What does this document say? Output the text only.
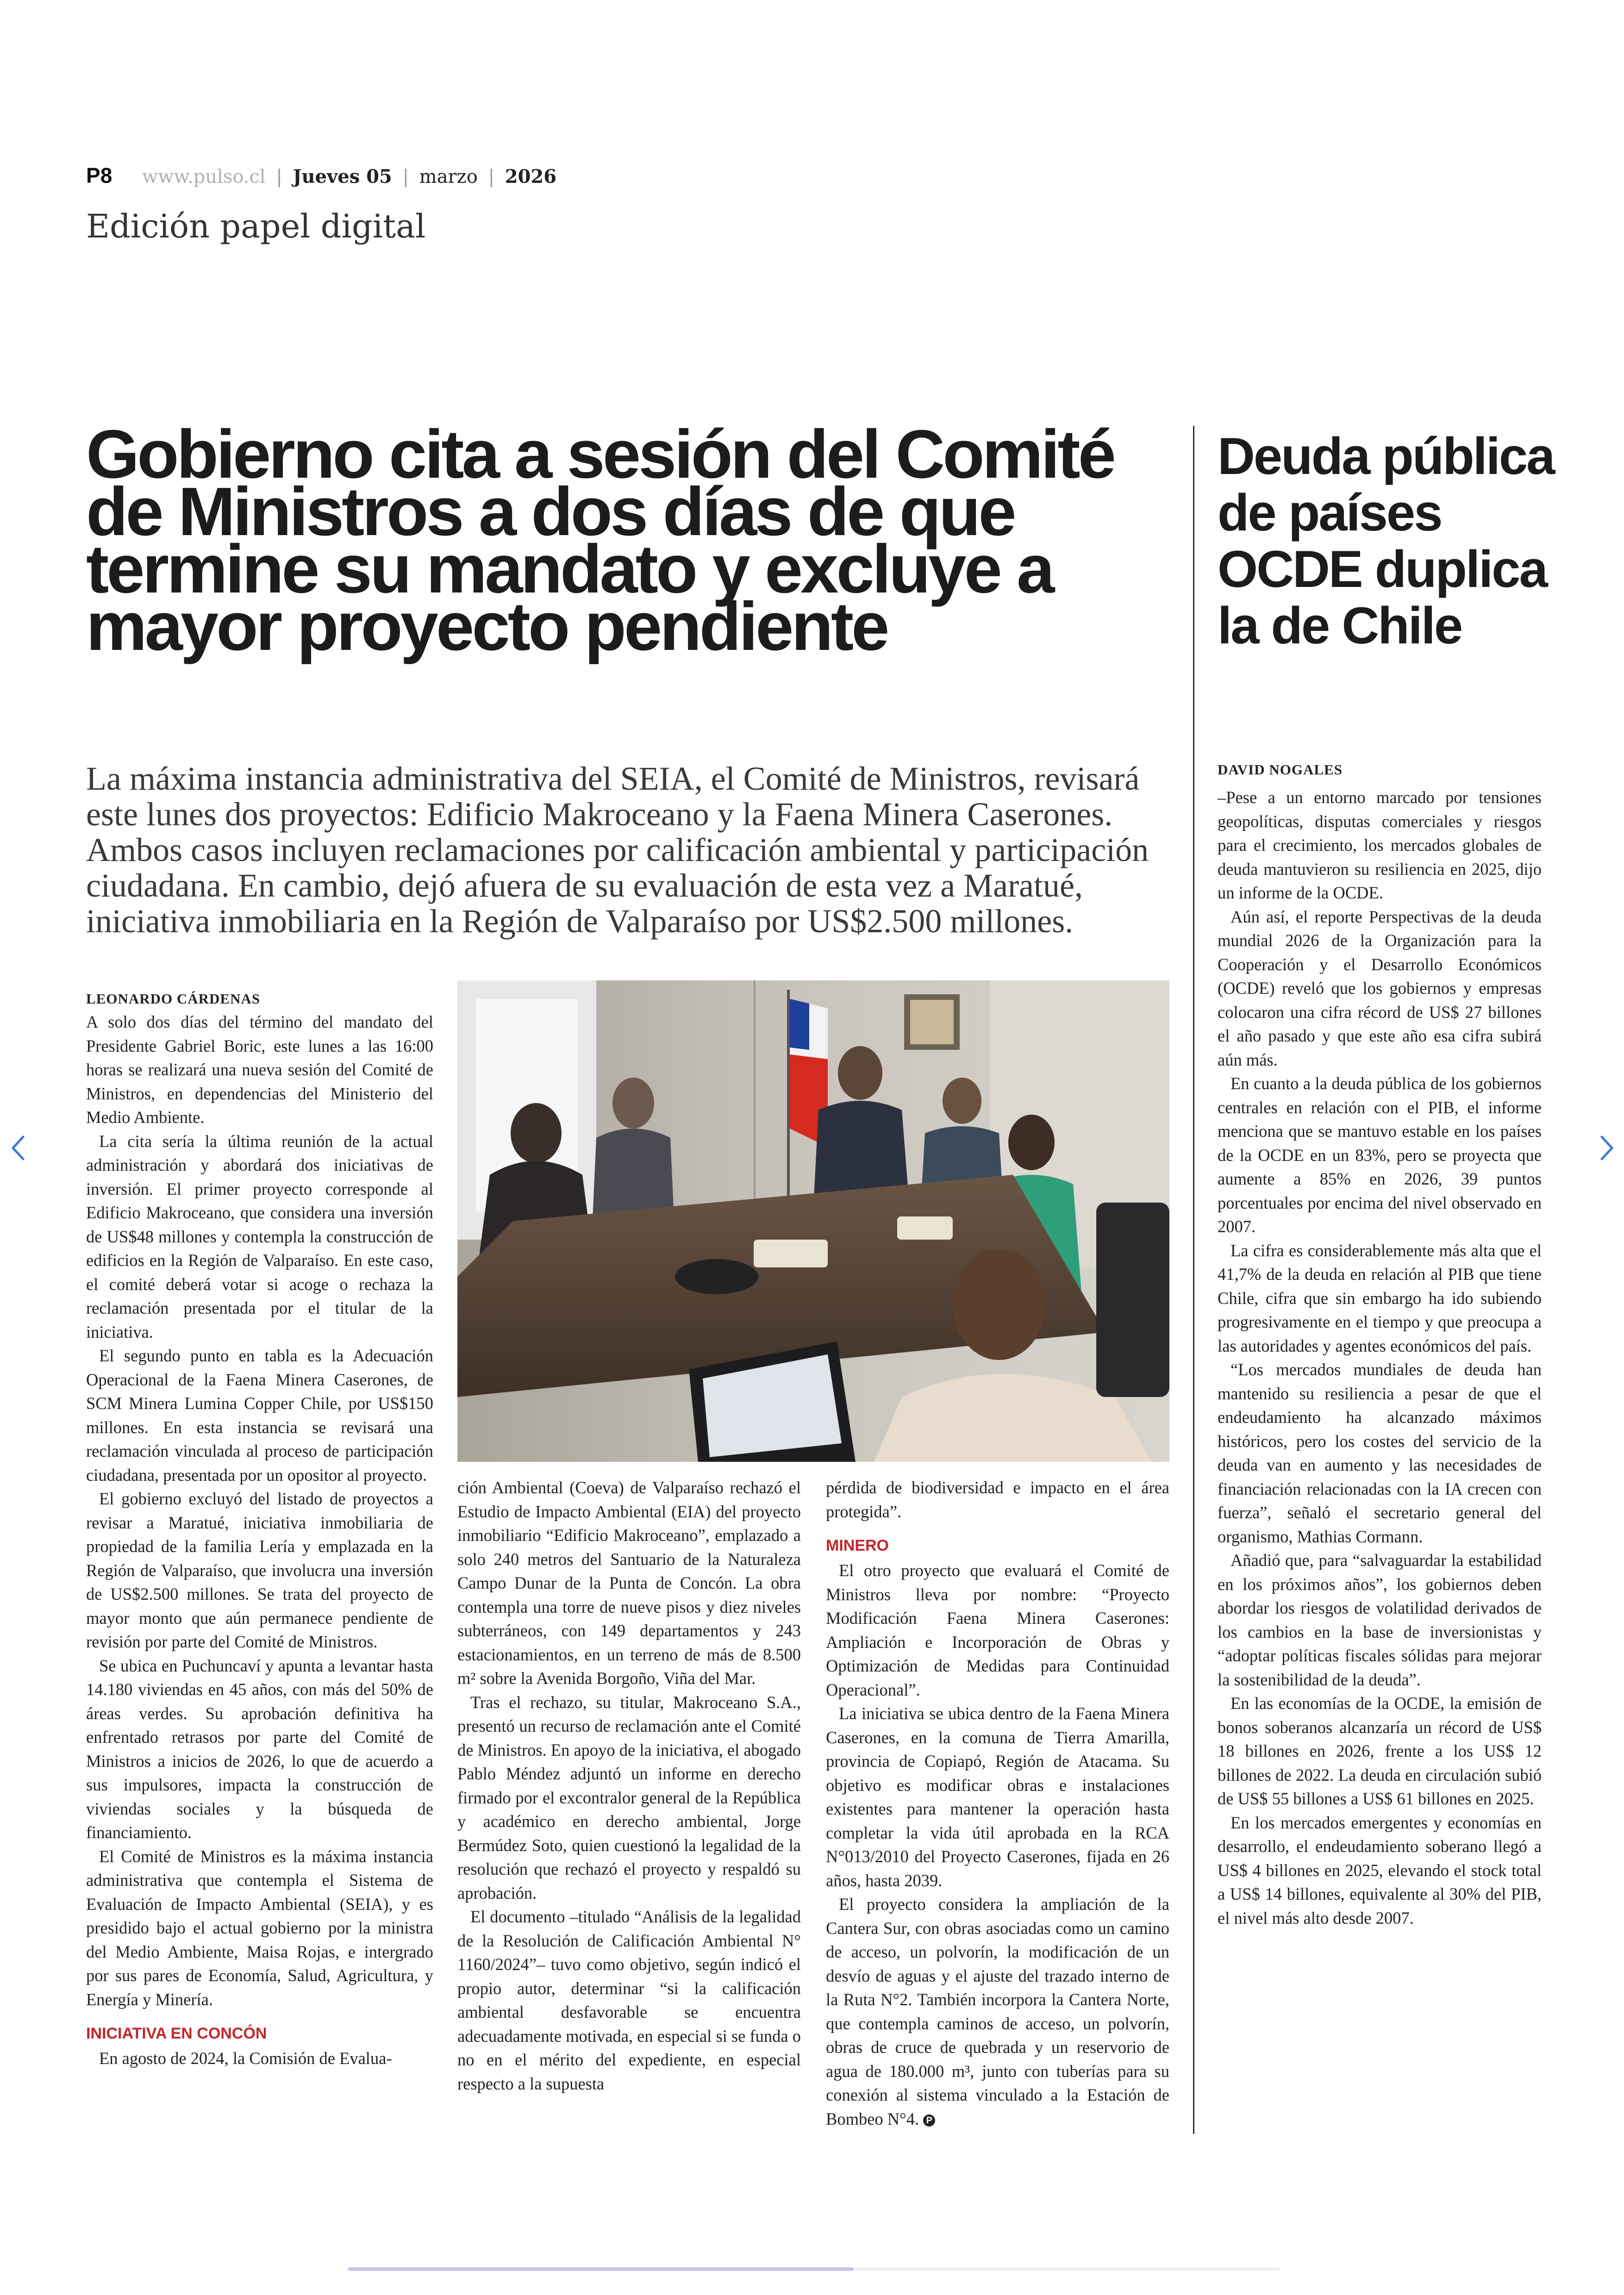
P8 www.pulso.cl | Jueves 05 | marzo | 2026
Edición papel digital
Gobierno cita a sesión del Comité de Ministros a dos días de que termine su mandato y excluye a mayor proyecto pendiente

La máxima instancia administrativa del SEIA, el Comité de Ministros, revisará este lunes dos proyectos: Edificio Makroceano y la Faena Minera Caserones. Ambos casos incluyen reclamaciones por calificación ambiental y participación ciudadana. En cambio, dejó afuera de su evaluación de esta vez a Maratué, iniciativa inmobiliaria en la Región de Valparaíso por US$2.500 millones.

LEONARDO CÁRDENAS

A solo dos días del término del mandato del Presidente Gabriel Boric, este lunes a las 16:00 horas se realizará una nueva sesión del Comité de Ministros, en dependencias del Ministerio del Medio Ambiente.

La cita sería la última reunión de la actual administración y abordará dos iniciativas de inversión. El primer proyecto corresponde al Edificio Makroceano, que considera una inversión de US$48 millones y contempla la construcción de edificios en la Región de Valparaíso. En este caso, el comité deberá votar si acoge o rechaza la reclamación presentada por el titular de la iniciativa.

El segundo punto en tabla es la Adecuación Operacional de la Faena Minera Caserones, de SCM Minera Lumina Copper Chile, por US$150 millones. En esta instancia se revisará una reclamación vinculada al proceso de participación ciudadana, presentada por un opositor al proyecto.

El gobierno excluyó del listado de proyectos a revisar a Maratué, iniciativa inmobiliaria de propiedad de la familia Lería y emplazada en la Región de Valparaíso, que involucra una inversión de US$2.500 millones. Se trata del proyecto de mayor monto que aún permanece pendiente de revisión por parte del Comité de Ministros.

Se ubica en Puchuncaví y apunta a levantar hasta 14.180 viviendas en 45 años, con más del 50% de áreas verdes. Su aprobación definitiva ha enfrentado retrasos por parte del Comité de Ministros a inicios de 2026, lo que de acuerdo a sus impulsores, impacta la construcción de viviendas sociales y la búsqueda de financiamiento.

El Comité de Ministros es la máxima instancia administrativa que contempla el Sistema de Evaluación de Impacto Ambiental (SEIA), y es presidido bajo el actual gobierno por la ministra del Medio Ambiente, Maisa Rojas, e intergrado por sus pares de Economía, Salud, Agricultura, y Energía y Minería.

INICIATIVA EN CONCÓN

En agosto de 2024, la Comisión de Evalua-

ción Ambiental (Coeva) de Valparaíso rechazó el Estudio de Impacto Ambiental (EIA) del proyecto inmobiliario “Edificio Makroceano”, emplazado a solo 240 metros del Santuario de la Naturaleza Campo Dunar de la Punta de Concón. La obra contempla una torre de nueve pisos y diez niveles subterráneos, con 149 departamentos y 243 estacionamientos, en un terreno de más de 8.500 m² sobre la Avenida Borgoño, Viña del Mar.

Tras el rechazo, su titular, Makroceano S.A., presentó un recurso de reclamación ante el Comité de Ministros. En apoyo de la iniciativa, el abogado Pablo Méndez adjuntó un informe en derecho firmado por el excontralor general de la República y académico en derecho ambiental, Jorge Bermúdez Soto, quien cuestionó la legalidad de la resolución que rechazó el proyecto y respaldó su aprobación.

El documento –titulado “Análisis de la legalidad de la Resolución de Calificación Ambiental N° 1160/2024”– tuvo como objetivo, según indicó el propio autor, determinar “si la calificación ambiental desfavorable se encuentra adecuadamente motivada, en especial si se funda o no en el mérito del expediente, en especial respecto a la supuesta

pérdida de biodiversidad e impacto en el área protegida”.

MINERO

El otro proyecto que evaluará el Comité de Ministros lleva por nombre: “Proyecto Modificación Faena Minera Caserones: Ampliación e Incorporación de Obras y Optimización de Medidas para Continuidad Operacional”.

La iniciativa se ubica dentro de la Faena Minera Caserones, en la comuna de Tierra Amarilla, provincia de Copiapó, Región de Atacama. Su objetivo es modificar obras e instalaciones existentes para mantener la operación hasta completar la vida útil aprobada en la RCA N°013/2010 del Proyecto Caserones, fijada en 26 años, hasta 2039.

El proyecto considera la ampliación de la Cantera Sur, con obras asociadas como un camino de acceso, un polvorín, la modificación de un desvío de aguas y el ajuste del trazado interno de la Ruta N°2. También incorpora la Cantera Norte, que contempla caminos de acceso, un polvorín, obras de cruce de quebrada y un reservorio de agua de 180.000 m³, junto con tuberías para su conexión al sistema vinculado a la Estación de Bombeo N°4. P

Deuda pública de países OCDE duplica la de Chile
DAVID NOGALES

–Pese a un entorno marcado por tensiones geopolíticas, disputas comerciales y riesgos para el crecimiento, los mercados globales de deuda mantuvieron su resiliencia en 2025, dijo un informe de la OCDE.

Aún así, el reporte Perspectivas de la deuda mundial 2026 de la Organización para la Cooperación y el Desarrollo Económicos (OCDE) reveló que los gobiernos y empresas colocaron una cifra récord de US$ 27 billones el año pasado y que este año esa cifra subirá aún más.

En cuanto a la deuda pública de los gobiernos centrales en relación con el PIB, el informe menciona que se mantuvo estable en los países de la OCDE en un 83%, pero se proyecta que aumente a 85% en 2026, 39 puntos porcentuales por encima del nivel observado en 2007.

La cifra es considerablemente más alta que el 41,7% de la deuda en relación al PIB que tiene Chile, cifra que sin embargo ha ido subiendo progresivamente en el tiempo y que preocupa a las autoridades y agentes económicos del país.

“Los mercados mundiales de deuda han mantenido su resiliencia a pesar de que el endeudamiento ha alcanzado máximos históricos, pero los costes del servicio de la deuda van en aumento y las necesidades de financiación relacionadas con la IA crecen con fuerza”, señaló el secretario general del organismo, Mathias Cormann.

Añadió que, para “salvaguardar la estabilidad en los próximos años”, los gobiernos deben abordar los riesgos de volatilidad derivados de los cambios en la base de inversionistas y “adoptar políticas fiscales sólidas para mejorar la sostenibilidad de la deuda”.

En las economías de la OCDE, la emisión de bonos soberanos alcanzaría un récord de US$ 18 billones en 2026, frente a los US$ 12 billones de 2022. La deuda en circulación subió de US$ 55 billones a US$ 61 billones en 2025.

En los mercados emergentes y economías en desarrollo, el endeudamiento soberano llegó a US$ 4 billones en 2025, elevando el stock total a US$ 14 billones, equivalente al 30% del PIB, el nivel más alto desde 2007.
